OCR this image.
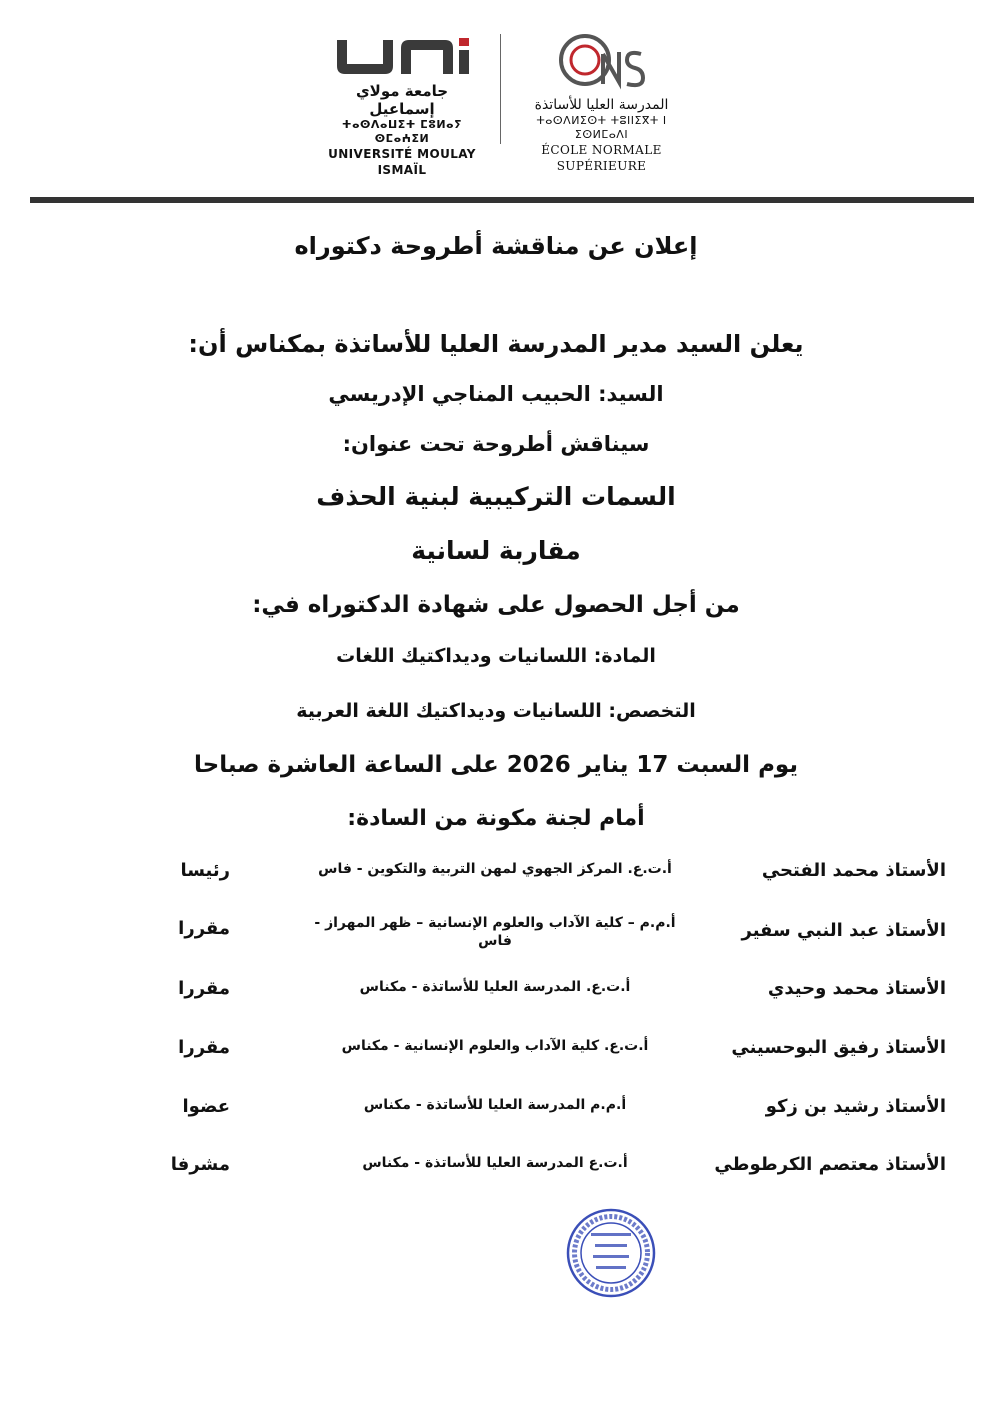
جامعة مولاي إسماعيل
ⵜⴰⵙⴷⴰⵡⵉⵜ ⵎⵓⵍⴰⵢ ⵙⵎⴰⵄⵉⵍ
UNIVERSITÉ MOULAY ISMAÏL
المدرسة العليا للأساتذة
ⵜⴰⵙⴷⵍⵉⵙⵜ ⵜⵓⵏⵏⵉⴳⵜ ⵏ ⵉⵙⵍⵎⴰⴷⵏ
ÉCOLE NORMALE SUPÉRIEURE
إعلان عن مناقشة أطروحة دكتوراه
يعلن السيد مدير المدرسة العليا للأساتذة بمكناس أن:
السيد: الحبيب المناجي الإدريسي
سيناقش أطروحة تحت عنوان:
السمات التركيبية لبنية الحذف
مقاربة لسانية
من أجل الحصول على شهادة الدكتوراه في:
المادة: اللسانيات وديداكتيك اللغات
التخصص: اللسانيات وديداكتيك اللغة العربية
يوم السبت 17 يناير 2026 على الساعة العاشرة صباحا
أمام لجنة مكونة من السادة:
الأستاذ محمد الفتحي
أ.ت.ع. المركز الجهوي لمهن التربية والتكوين - فاس
رئيسا
الأستاذ عبد النبي سفير
أ.م.م – كلية الآداب والعلوم الإنسانية – ظهر المهراز - فاس
مقررا
الأستاذ محمد وحيدي
أ.ت.ع. المدرسة العليا للأساتذة - مكناس
مقررا
الأستاذ رفيق البوحسيني
أ.ت.ع. كلية الآداب والعلوم الإنسانية - مكناس
مقررا
الأستاذ رشيد بن زكو
أ.م.م المدرسة العليا للأساتذة - مكناس
عضوا
الأستاذ معتصم الكرطوطي
أ.ت.ع المدرسة العليا للأساتذة - مكناس
مشرفا
